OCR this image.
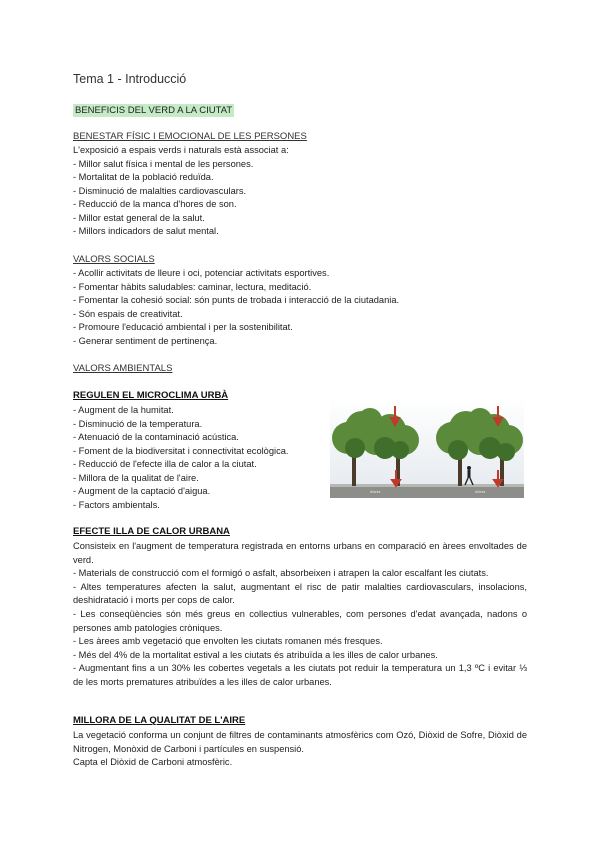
Tema 1 - Introducció
BENEFICIS DEL VERD A LA CIUTAT
BENESTAR FÍSIC I EMOCIONAL DE LES PERSONES
L'exposició a espais verds i naturals està associat a:
- Millor salut física i mental de les persones.
- Mortalitat de la població reduïda.
- Disminució de malalties cardiovasculars.
- Reducció de la manca d'hores de son.
- Millor estat general de la salut.
- Millors indicadors de salut mental.
VALORS SOCIALS
- Acollir activitats de lleure i oci, potenciar activitats esportives.
- Fomentar hàbits saludables: caminar, lectura, meditació.
- Fomentar la cohesió social: són punts de trobada i interacció de la ciutadania.
- Són espais de creativitat.
- Promoure l'educació ambiental i per la sostenibilitat.
- Generar sentiment de pertinença.
VALORS AMBIENTALS
REGULEN EL MICROCLIMA URBÀ
- Augment de la humitat.
- Disminució de la temperatura.
- Atenuació de la contaminació acústica.
- Foment de la biodiversitat i connectivitat ecològica.
- Reducció de l'efecte illa de calor a la ciutat.
- Millora de la qualitat de l'aire.
- Augment de la captació d'aigua.
- Factors ambientals.
Arbres	Arbres
EFECTE ILLA DE CALOR URBANA

Consisteix en l'augment de temperatura registrada en entorns urbans en comparació en àrees envoltades de verd.

- Materials de construcció com el formigó o asfalt, absorbeixen i atrapen la calor escalfant les ciutats.

- Altes temperatures afecten la salut, augmentant el risc de patir malalties cardiovasculars, insolacions, deshidratació i morts per cops de calor.

- Les conseqüències són més greus en collectius vulnerables, com persones d'edat avançada, nadons o persones amb patologies cròniques.

- Les àrees amb vegetació que envolten les ciutats romanen més fresques.

- Més del 4% de la mortalitat estival a les ciutats és atribuïda a les illes de calor urbanes.

- Augmentant fins a un 30% les cobertes vegetals a les ciutats pot reduir la temperatura un 1,3 ºC i evitar ⅓ de les morts prematures atribuïdes a les illes de calor urbanes.

MILLORA DE LA QUALITAT DE L'AIRE

La vegetació conforma un conjunt de filtres de contaminants atmosfèrics com Ozó, Diòxid de Sofre, Diòxid de Nitrogen, Monòxid de Carboni i partícules en suspensió.

Capta el Diòxid de Carboni atmosfèric.
